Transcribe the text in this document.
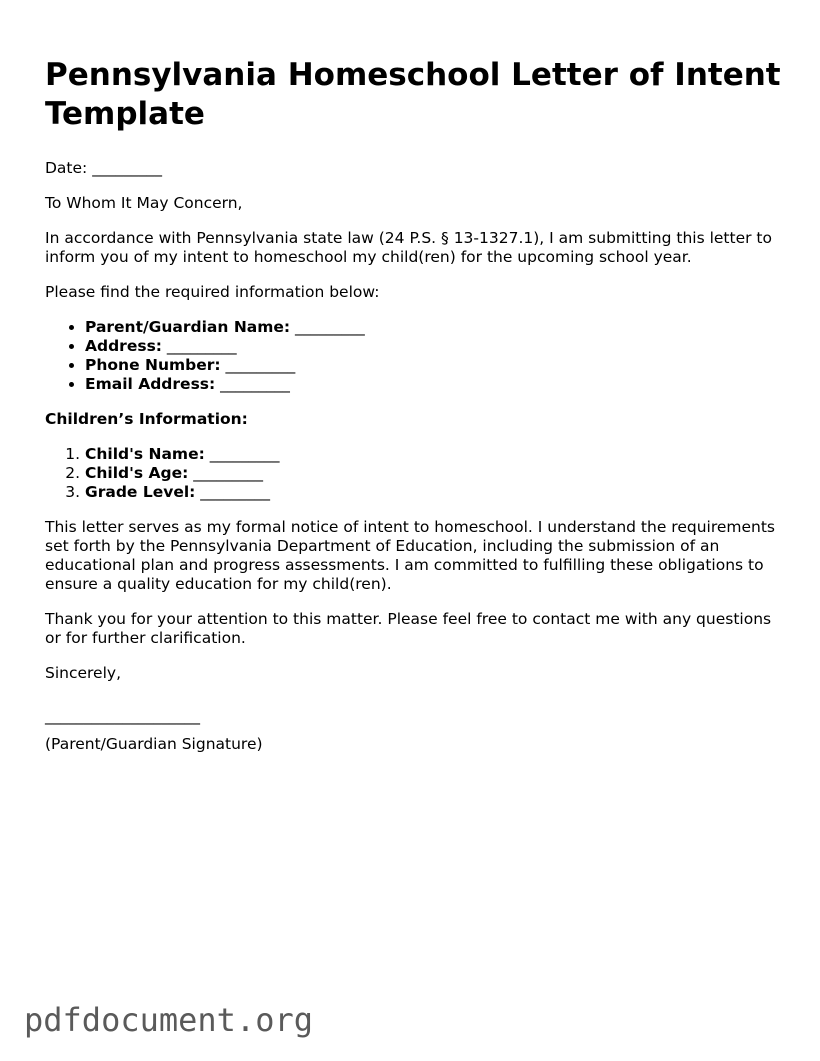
Pennsylvania Homeschool Letter of Intent Template

Date: _________

To Whom It May Concern,

In accordance with Pennsylvania state law (24 P.S. § 13-1327.1), I am submitting this letter to inform you of my intent to homeschool my child(ren) for the upcoming school year.

Please find the required information below:

• Parent/Guardian Name: _________
• Address: _________
• Phone Number: _________
• Email Address: _________

Children’s Information:

1. Child's Name: _________
2. Child's Age: _________
3. Grade Level: _________

This letter serves as my formal notice of intent to homeschool. I understand the requirements set forth by the Pennsylvania Department of Education, including the submission of an educational plan and progress assessments. I am committed to fulfilling these obligations to ensure a quality education for my child(ren).

Thank you for your attention to this matter. Please feel free to contact me with any questions or for further clarification.

Sincerely,

____________________

(Parent/Guardian Signature)

pdfdocument.org
